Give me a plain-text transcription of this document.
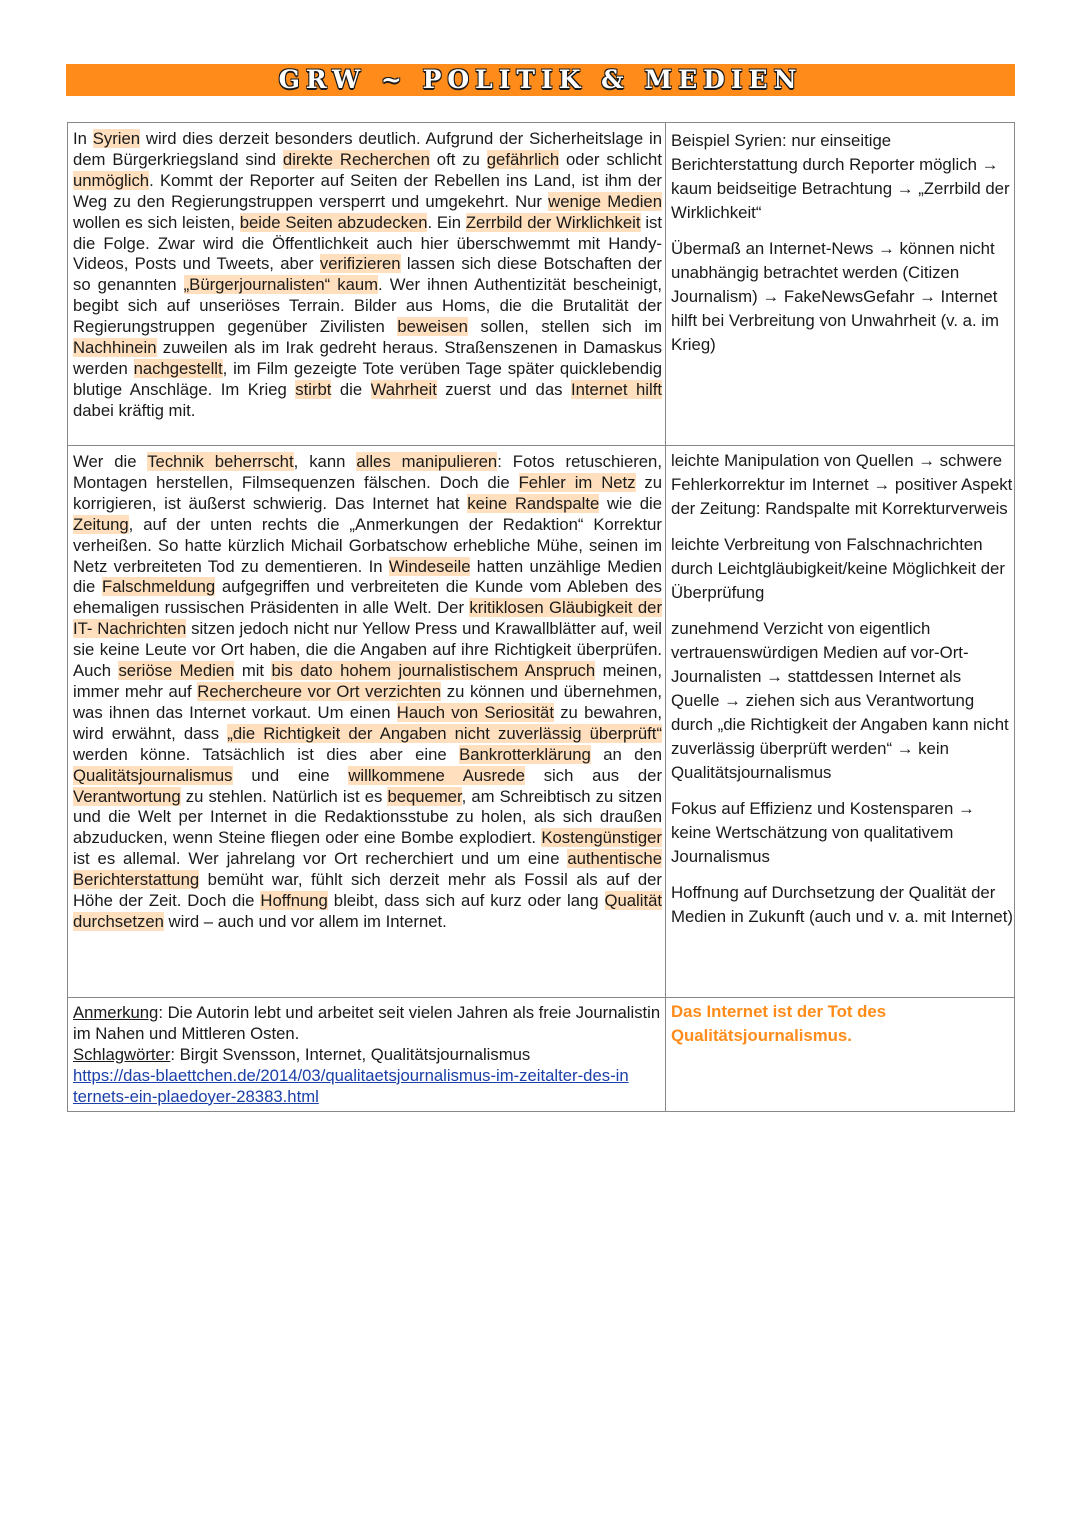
GRW ~ POLITIK & MEDIEN

In Syrien wird dies derzeit besonders deutlich. Aufgrund der Sicherheitslage in dem Bürgerkriegsland sind direkte Recherchen oft zu gefährlich oder schlicht unmöglich. Kommt der Reporter auf Seiten der Rebellen ins Land, ist ihm der Weg zu den Regierungstruppen versperrt und umgekehrt. Nur wenige Medien wollen es sich leisten, beide Seiten abzudecken. Ein Zerrbild der Wirklichkeit ist die Folge. Zwar wird die Öffentlichkeit auch hier überschwemmt mit Handy-Videos, Posts und Tweets, aber verifizieren lassen sich diese Botschaften der so genannten „Bürgerjournalisten“ kaum. Wer ihnen Authentizität bescheinigt, begibt sich auf unseriöses Terrain. Bilder aus Homs, die die Brutalität der Regierungstruppen gegenüber Zivilisten beweisen sollen, stellen sich im Nachhinein zuweilen als im Irak gedreht heraus. Straßenszenen in Damaskus werden nachgestellt, im Film gezeigte Tote verüben Tage später quicklebendig blutige Anschläge. Im Krieg stirbt die Wahrheit zuerst und das Internet hilft dabei kräftig mit.

Beispiel Syrien: nur einseitige Berichterstattung durch Reporter möglich → kaum beidseitige Betrachtung → „Zerrbild der Wirklichkeit“

Übermaß an Internet-News → können nicht unabhängig betrachtet werden (Citizen Journalism) → FakeNewsGefahr → Internet hilft bei Verbreitung von Unwahrheit (v. a. im Krieg)

Wer die Technik beherrscht, kann alles manipulieren: Fotos retuschieren, Montagen herstellen, Filmsequenzen fälschen. Doch die Fehler im Netz zu korrigieren, ist äußerst schwierig. Das Internet hat keine Randspalte wie die Zeitung, auf der unten rechts die „Anmerkungen der Redaktion“ Korrektur verheißen. So hatte kürzlich Michail Gorbatschow erhebliche Mühe, seinen im Netz verbreiteten Tod zu dementieren. In Windeseile hatten unzählige Medien die Falschmeldung aufgegriffen und verbreiteten die Kunde vom Ableben des ehemaligen russischen Präsidenten in alle Welt. Der kritiklosen Gläubigkeit der IT- Nachrichten sitzen jedoch nicht nur Yellow Press und Krawallblätter auf, weil sie keine Leute vor Ort haben, die die Angaben auf ihre Richtigkeit überprüfen. Auch seriöse Medien mit bis dato hohem journalistischem Anspruch meinen, immer mehr auf Rechercheure vor Ort verzichten zu können und übernehmen, was ihnen das Internet vorkaut. Um einen Hauch von Seriosität zu bewahren, wird erwähnt, dass „die Richtigkeit der Angaben nicht zuverlässig überprüft“ werden könne. Tatsächlich ist dies aber eine Bankrotterklärung an den Qualitätsjournalismus und eine willkommene Ausrede sich aus der Verantwortung zu stehlen. Natürlich ist es bequemer, am Schreibtisch zu sitzen und die Welt per Internet in die Redaktionsstube zu holen, als sich draußen abzuducken, wenn Steine fliegen oder eine Bombe explodiert. Kostengünstiger ist es allemal. Wer jahrelang vor Ort recherchiert und um eine authentische Berichterstattung bemüht war, fühlt sich derzeit mehr als Fossil als auf der Höhe der Zeit. Doch die Hoffnung bleibt, dass sich auf kurz oder lang Qualität durchsetzen wird – auch und vor allem im Internet.

leichte Manipulation von Quellen → schwere Fehlerkorrektur im Internet → positiver Aspekt der Zeitung: Randspalte mit Korrekturverweis

leichte Verbreitung von Falschnachrichten durch Leichtgläubigkeit/keine Möglichkeit der Überprüfung

zunehmend Verzicht von eigentlich vertrauenswürdigen Medien auf vor-Ort-Journalisten → stattdessen Internet als Quelle → ziehen sich aus Verantwortung durch „die Richtigkeit der Angaben kann nicht zuverlässig überprüft werden“ → kein Qualitätsjournalismus

Fokus auf Effizienz und Kostensparen → keine Wertschätzung von qualitativem Journalismus

Hoffnung auf Durchsetzung der Qualität der Medien in Zukunft (auch und v. a. mit Internet)

Anmerkung: Die Autorin lebt und arbeitet seit vielen Jahren als freie Journalistin im Nahen und Mittleren Osten.
Schlagwörter: Birgit Svensson, Internet, Qualitätsjournalismus
https://das-blaettchen.de/2014/03/qualitaetsjournalismus-im-zeitalter-des-internets-ein-plaedoyer-28383.html
Das Internet ist der Tot des Qualitätsjournalismus.
